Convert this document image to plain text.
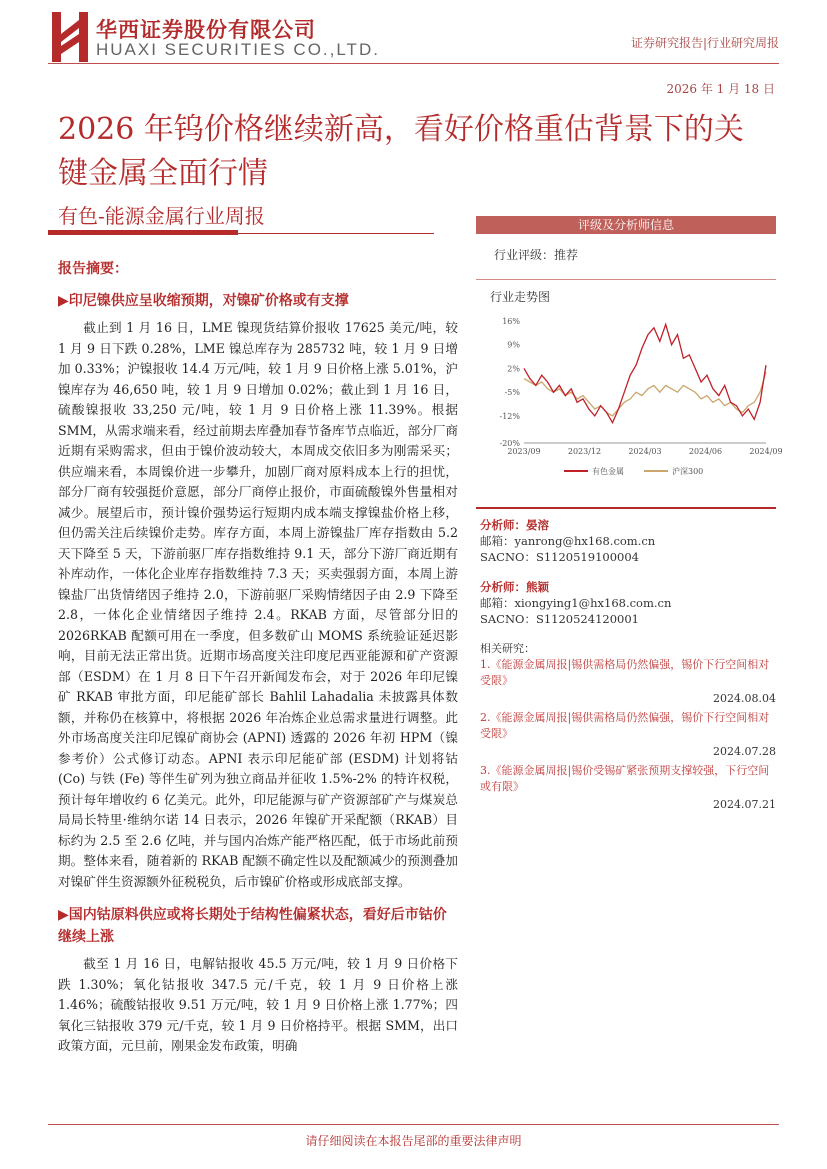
华西证券股份有限公司
HUAXI SECURITIES CO.,LTD.	证券研究报告|行业研究周报
2026 年 1 月 18 日
2026 年钨价格继续新高，看好价格重估背景下的关键金属全面行情
有色-能源金属行业周报
报告摘要：
▶印尼镍供应呈收缩预期，对镍矿价格或有支撑

截止到 1 月 16 日，LME 镍现货结算价报收 17625 美元/吨，较 1 月 9 日下跌 0.28%，LME 镍总库存为 285732 吨，较 1 月 9 日增加 0.33%；沪镍报收 14.4 万元/吨，较 1 月 9 日价格上涨 5.01%，沪镍库存为 46,650 吨，较 1 月 9 日增加 0.02%；截止到 1 月 16 日，硫酸镍报收 33,250 元/吨，较 1 月 9 日价格上涨 11.39%。根据 SMM，从需求端来看，经过前期去库叠加春节备库节点临近，部分厂商近期有采购需求，但由于镍价波动较大，本周成交依旧多为刚需采买；供应端来看，本周镍价进一步攀升，加剧厂商对原料成本上行的担忧，部分厂商有较强挺价意愿，部分厂商停止报价，市面硫酸镍外售量相对减少。展望后市，预计镍价强势运行短期内成本端支撑镍盐价格上移，但仍需关注后续镍价走势。库存方面，本周上游镍盐厂库存指数由 5.2 天下降至 5 天，下游前驱厂库存指数维持 9.1 天，部分下游厂商近期有补库动作，一体化企业库存指数维持 7.3 天；买卖强弱方面，本周上游镍盐厂出货情绪因子维持 2.0，下游前驱厂采购情绪因子由 2.9 下降至 2.8，一体化企业情绪因子维持 2.4。RKAB 方面，尽管部分旧的 2026RKAB 配额可用在一季度，但多数矿山 MOMS 系统验证延迟影响，目前无法正常出货。近期市场高度关注印度尼西亚能源和矿产资源部（ESDM）在 1 月 8 日下午召开新闻发布会，对于 2026 年印尼镍矿 RKAB 审批方面，印尼能矿部长 Bahlil Lahadalia 未披露具体数额，并称仍在核算中，将根据 2026 年冶炼企业总需求量进行调整。此外市场高度关注印尼镍矿商协会 (APNI) 透露的 2026 年初 HPM（镍参考价）公式修订动态。APNI 表示印尼能矿部 (ESDM) 计划将钴 (Co) 与铁 (Fe) 等伴生矿列为独立商品并征收 1.5%-2% 的特许权税，预计每年增收约 6 亿美元。此外，印尼能源与矿产资源部矿产与煤炭总局局长特里·维纳尔诺 14 日表示，2026 年镍矿开采配额（RKAB）目标约为 2.5 至 2.6 亿吨，并与国内冶炼产能严格匹配，低于市场此前预期。整体来看，随着新的 RKAB 配额不确定性以及配额减少的预测叠加对镍矿伴生资源额外征税税负，后市镍矿价格或形成底部支撑。

▶国内钴原料供应或将长期处于结构性偏紧状态，看好后市钴价继续上涨

截至 1 月 16 日，电解钴报收 45.5 万元/吨，较 1 月 9 日价格下跌 1.30%；氧化钴报收 347.5 元/千克，较 1 月 9 日价格上涨 1.46%；硫酸钴报收 9.51 万元/吨，较 1 月 9 日价格上涨 1.77%；四氧化三钴报收 379 元/千克，较 1 月 9 日价格持平。根据 SMM，出口政策方面，元旦前，刚果金发布政策，明确

评级及分析师信息
行业评级：推荐
行业走势图
16%
9%
2%
-5%
-12%
-20%
2023/09	2023/12	2024/03	2024/06	2024/09
有色金属	沪深300
分析师：晏溶
邮箱：yanrong@hx168.com.cn
SACNO：S1120519100004
分析师：熊颖
邮箱：xiongying1@hx168.com.cn
SACNO：S1120524120001
相关研究：
1.《能源金属周报|锡供需格局仍然偏强，锡价下行空间相对受限》
2024.08.04
2.《能源金属周报|锡供需格局仍然偏强，锡价下行空间相对受限》
2024.07.28
3.《能源金属周报|锡价受锡矿紧张预期支撑较强，下行空间或有限》
2024.07.21
请仔细阅读在本报告尾部的重要法律声明
